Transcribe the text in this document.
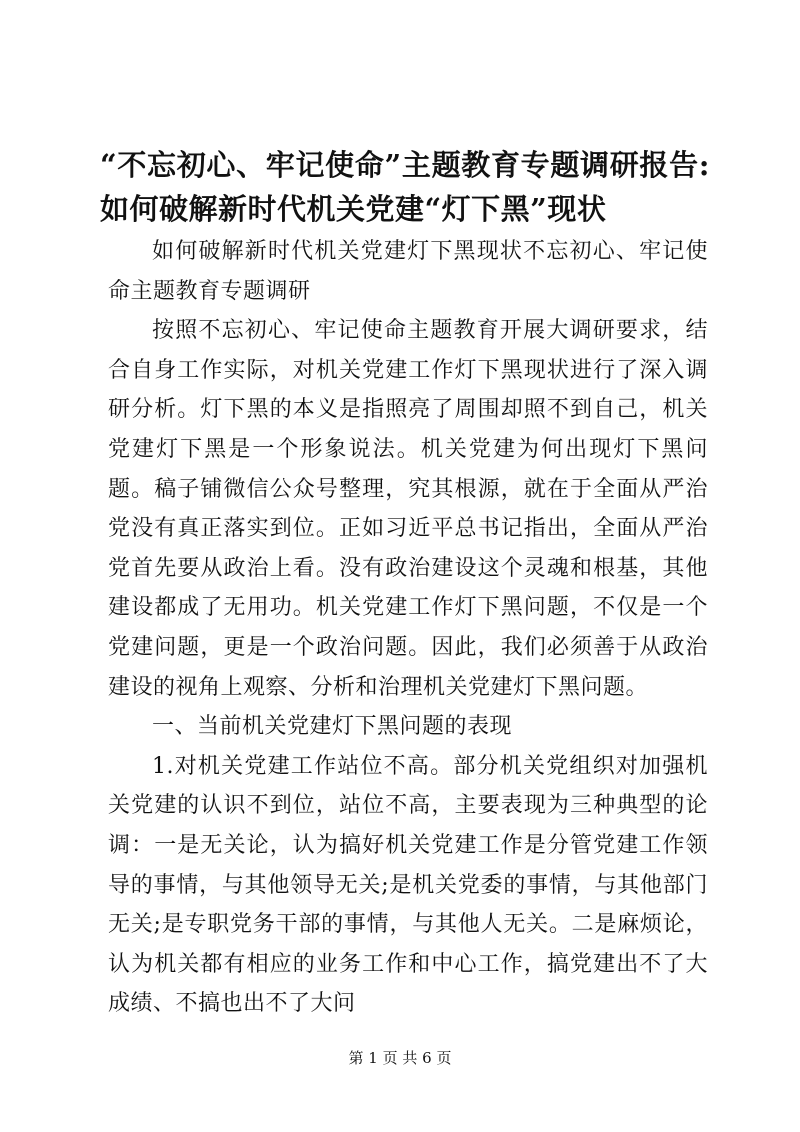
“不忘初心、牢记使命”主题教育专题调研报告:如何破解新时代机关党建“灯下黑”现状

如何破解新时代机关党建灯下黑现状不忘初心、牢记使命主题教育专题调研

按照不忘初心、牢记使命主题教育开展大调研要求，结合自身工作实际，对机关党建工作灯下黑现状进行了深入调研分析。灯下黑的本义是指照亮了周围却照不到自己，机关党建灯下黑是一个形象说法。机关党建为何出现灯下黑问题。稿子铺微信公众号整理，究其根源，就在于全面从严治党没有真正落实到位。正如习近平总书记指出，全面从严治党首先要从政治上看。没有政治建设这个灵魂和根基，其他建设都成了无用功。机关党建工作灯下黑问题，不仅是一个党建问题，更是一个政治问题。因此，我们必须善于从政治建设的视角上观察、分析和治理机关党建灯下黑问题。

一、当前机关党建灯下黑问题的表现

1.对机关党建工作站位不高。部分机关党组织对加强机关党建的认识不到位，站位不高，主要表现为三种典型的论调：一是无关论，认为搞好机关党建工作是分管党建工作领导的事情，与其他领导无关;是机关党委的事情，与其他部门无关;是专职党务干部的事情，与其他人无关。二是麻烦论，认为机关都有相应的业务工作和中心工作，搞党建出不了大成绩、不搞也出不了大问

第 1 页 共 6 页
